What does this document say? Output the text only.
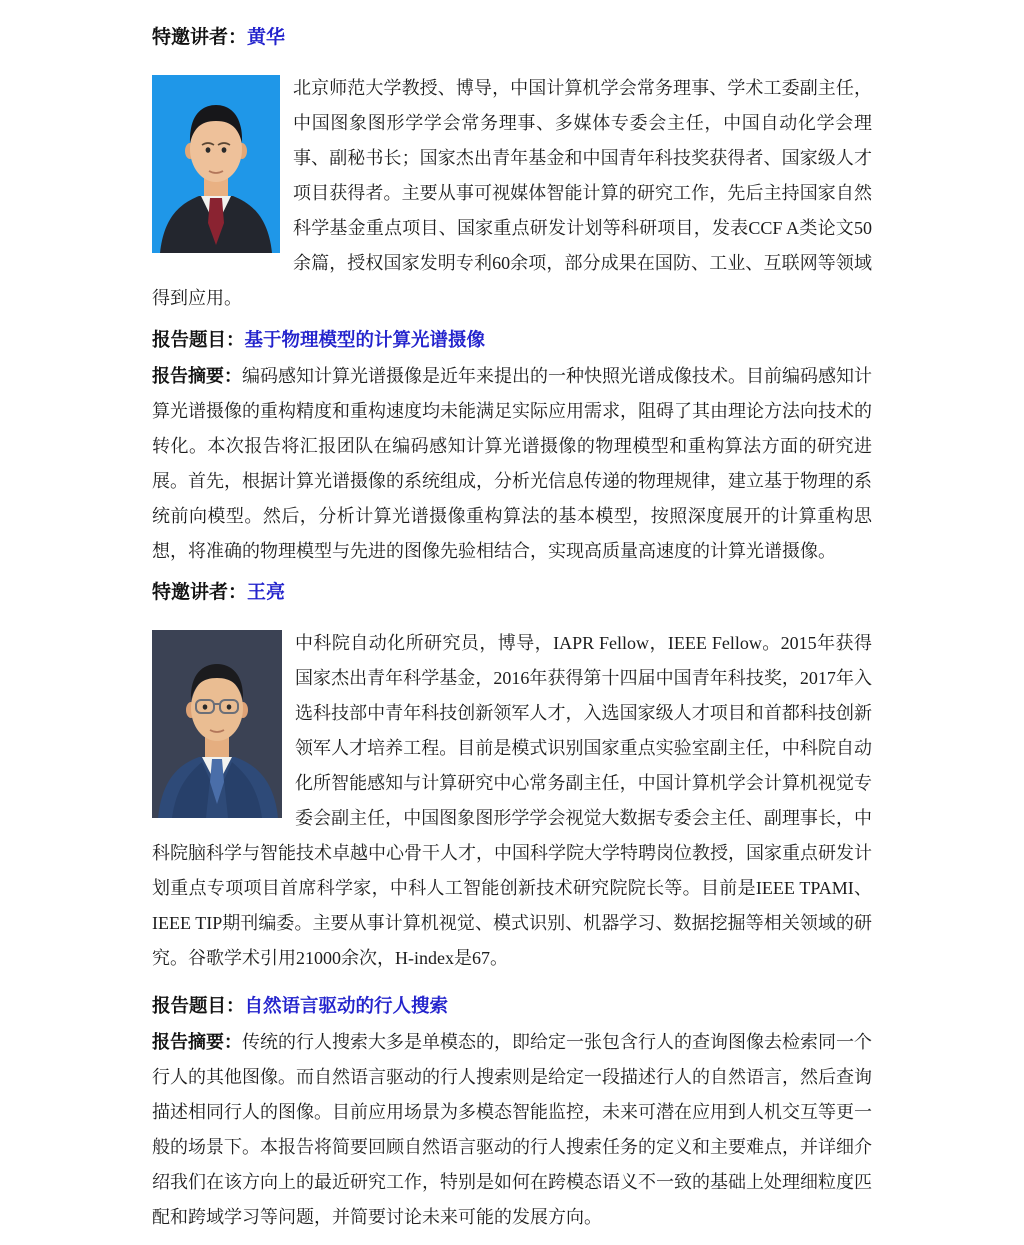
特邀讲者：黄华

北京师范大学教授、博导，中国计算机学会常务理事、学术工委副主任，中国图象图形学学会常务理事、多媒体专委会主任，中国自动化学会理事、副秘书长；国家杰出青年基金和中国青年科技奖获得者、国家级人才项目获得者。主要从事可视媒体智能计算的研究工作，先后主持国家自然科学基金重点项目、国家重点研发计划等科研项目，发表CCF A类论文50余篇，授权国家发明专利60余项，部分成果在国防、工业、互联网等领域得到应用。

报告题目：基于物理模型的计算光谱摄像

报告摘要：编码感知计算光谱摄像是近年来提出的一种快照光谱成像技术。目前编码感知计算光谱摄像的重构精度和重构速度均未能满足实际应用需求，阻碍了其由理论方法向技术的转化。本次报告将汇报团队在编码感知计算光谱摄像的物理模型和重构算法方面的研究进展。首先，根据计算光谱摄像的系统组成，分析光信息传递的物理规律，建立基于物理的系统前向模型。然后，分析计算光谱摄像重构算法的基本模型，按照深度展开的计算重构思想，将准确的物理模型与先进的图像先验相结合，实现高质量高速度的计算光谱摄像。

特邀讲者：王亮

中科院自动化所研究员，博导，IAPR Fellow，IEEE Fellow。2015年获得国家杰出青年科学基金，2016年获得第十四届中国青年科技奖，2017年入选科技部中青年科技创新领军人才，入选国家级人才项目和首都科技创新领军人才培养工程。目前是模式识别国家重点实验室副主任，中科院自动化所智能感知与计算研究中心常务副主任，中国计算机学会计算机视觉专委会副主任，中国图象图形学学会视觉大数据专委会主任、副理事长，中科院脑科学与智能技术卓越中心骨干人才，中国科学院大学特聘岗位教授，国家重点研发计划重点专项项目首席科学家，中科人工智能创新技术研究院院长等。目前是IEEE TPAMI、IEEE TIP期刊编委。主要从事计算机视觉、模式识别、机器学习、数据挖掘等相关领域的研究。谷歌学术引用21000余次，H-index是67。

报告题目：自然语言驱动的行人搜索

报告摘要：传统的行人搜索大多是单模态的，即给定一张包含行人的查询图像去检索同一个行人的其他图像。而自然语言驱动的行人搜索则是给定一段描述行人的自然语言，然后查询描述相同行人的图像。目前应用场景为多模态智能监控，未来可潜在应用到人机交互等更一般的场景下。本报告将简要回顾自然语言驱动的行人搜索任务的定义和主要难点，并详细介绍我们在该方向上的最近研究工作，特别是如何在跨模态语义不一致的基础上处理细粒度匹配和跨域学习等问题，并简要讨论未来可能的发展方向。
